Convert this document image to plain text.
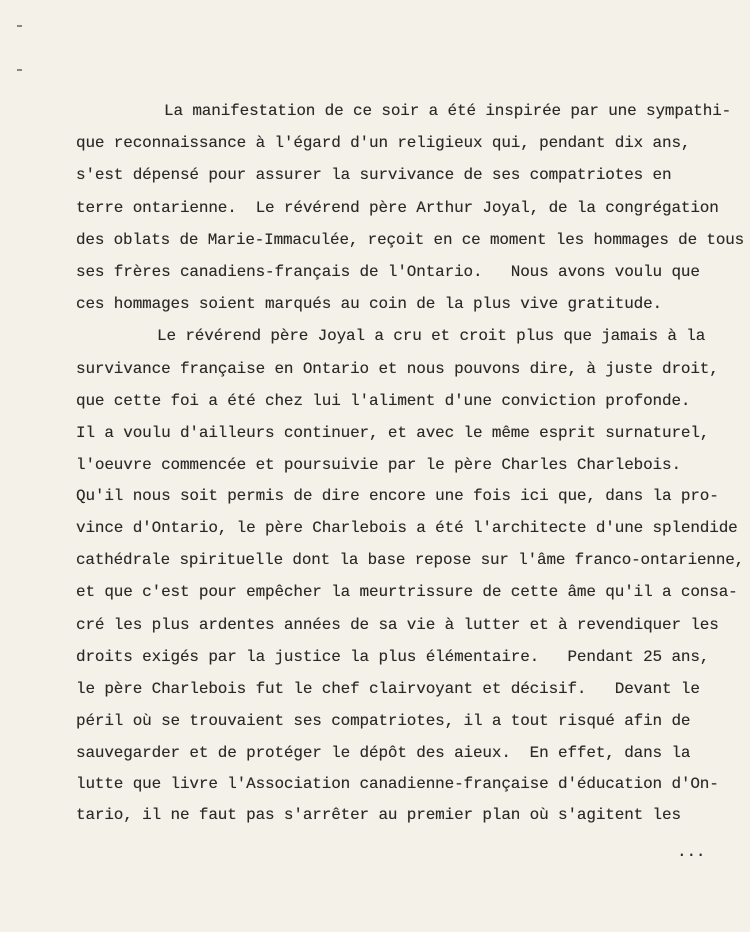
La manifestation de ce soir a été inspirée par une sympathi-

que reconnaissance à l'égard d'un religieux qui, pendant dix ans,

s'est dépensé pour assurer la survivance de ses compatriotes en

terre ontarienne.  Le révérend père Arthur Joyal, de la congrégation

des oblats de Marie-Immaculée, reçoit en ce moment les hommages de tous

ses frères canadiens-français de l'Ontario.   Nous avons voulu que

ces hommages soient marqués au coin de la plus vive gratitude.

Le révérend père Joyal a cru et croit plus que jamais à la

survivance française en Ontario et nous pouvons dire, à juste droit,

que cette foi a été chez lui l'aliment d'une conviction profonde.

Il a voulu d'ailleurs continuer, et avec le même esprit surnaturel,

l'oeuvre commencée et poursuivie par le père Charles Charlebois.

Qu'il nous soit permis de dire encore une fois ici que, dans la pro-

vince d'Ontario, le père Charlebois a été l'architecte d'une splendide

cathédrale spirituelle dont la base repose sur l'âme franco-ontarienne,

et que c'est pour empêcher la meurtrissure de cette âme qu'il a consa-

cré les plus ardentes années de sa vie à lutter et à revendiquer les

droits exigés par la justice la plus élémentaire.   Pendant 25 ans,

le père Charlebois fut le chef clairvoyant et décisif.   Devant le

péril où se trouvaient ses compatriotes, il a tout risqué afin de

sauvegarder et de protéger le dépôt des aieux.  En effet, dans la

lutte que livre l'Association canadienne-française d'éducation d'On-

tario, il ne faut pas s'arrêter au premier plan où s'agitent les

...
